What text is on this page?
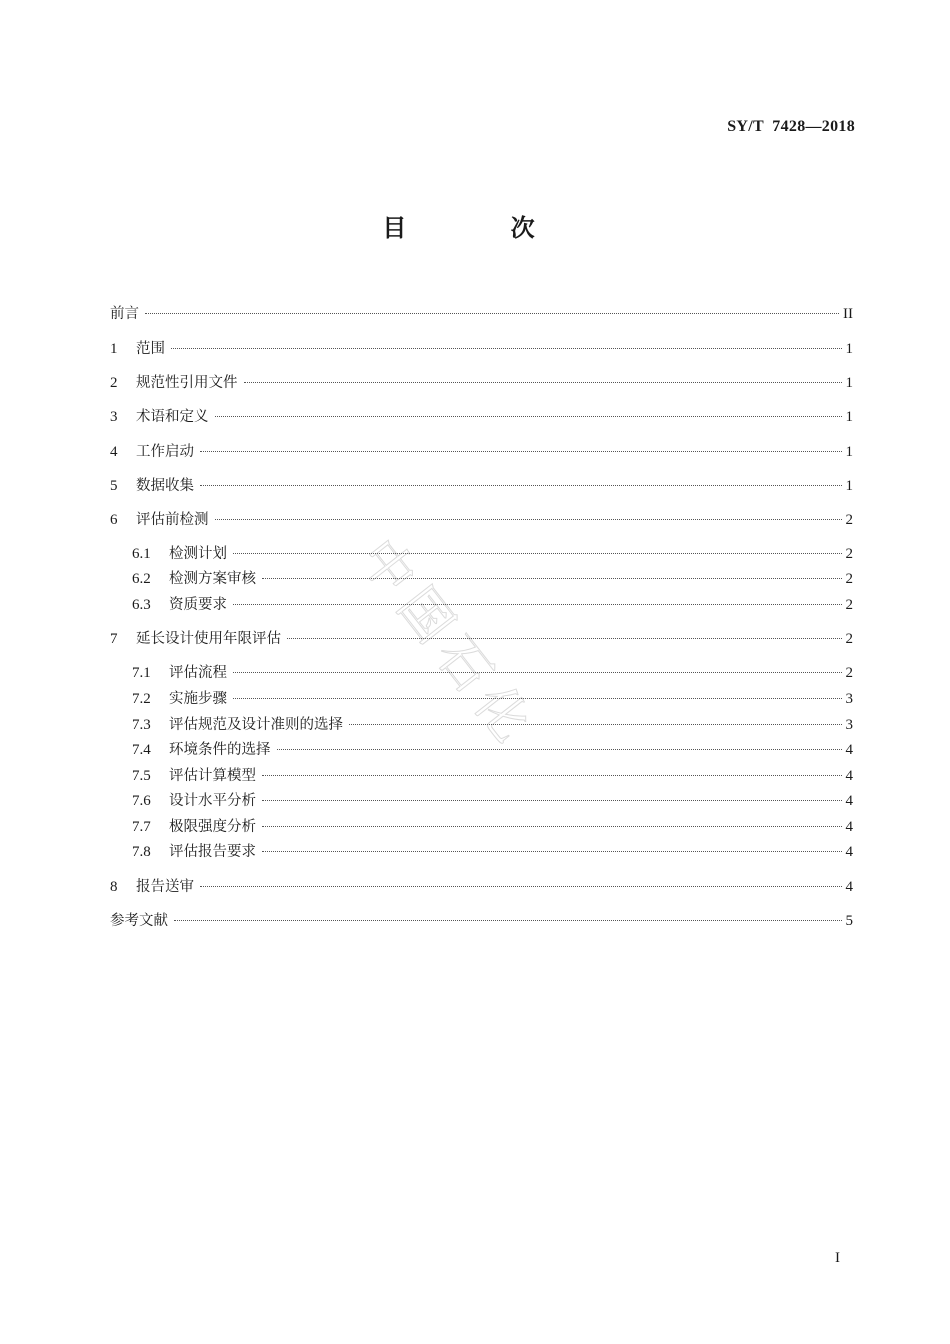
SY/T  7428—2018
目 次
中国石化
前言	II
1	范围	1
2	规范性引用文件	1
3	术语和定义	1
4	工作启动	1
5	数据收集	1
6	评估前检测	2
6.1	检测计划	2
6.2	检测方案审核	2
6.3	资质要求	2
7	延长设计使用年限评估	2
7.1	评估流程	2
7.2	实施步骤	3
7.3	评估规范及设计准则的选择	3
7.4	环境条件的选择	4
7.5	评估计算模型	4
7.6	设计水平分析	4
7.7	极限强度分析	4
7.8	评估报告要求	4
8	报告送审	4
参考文献	5
I
